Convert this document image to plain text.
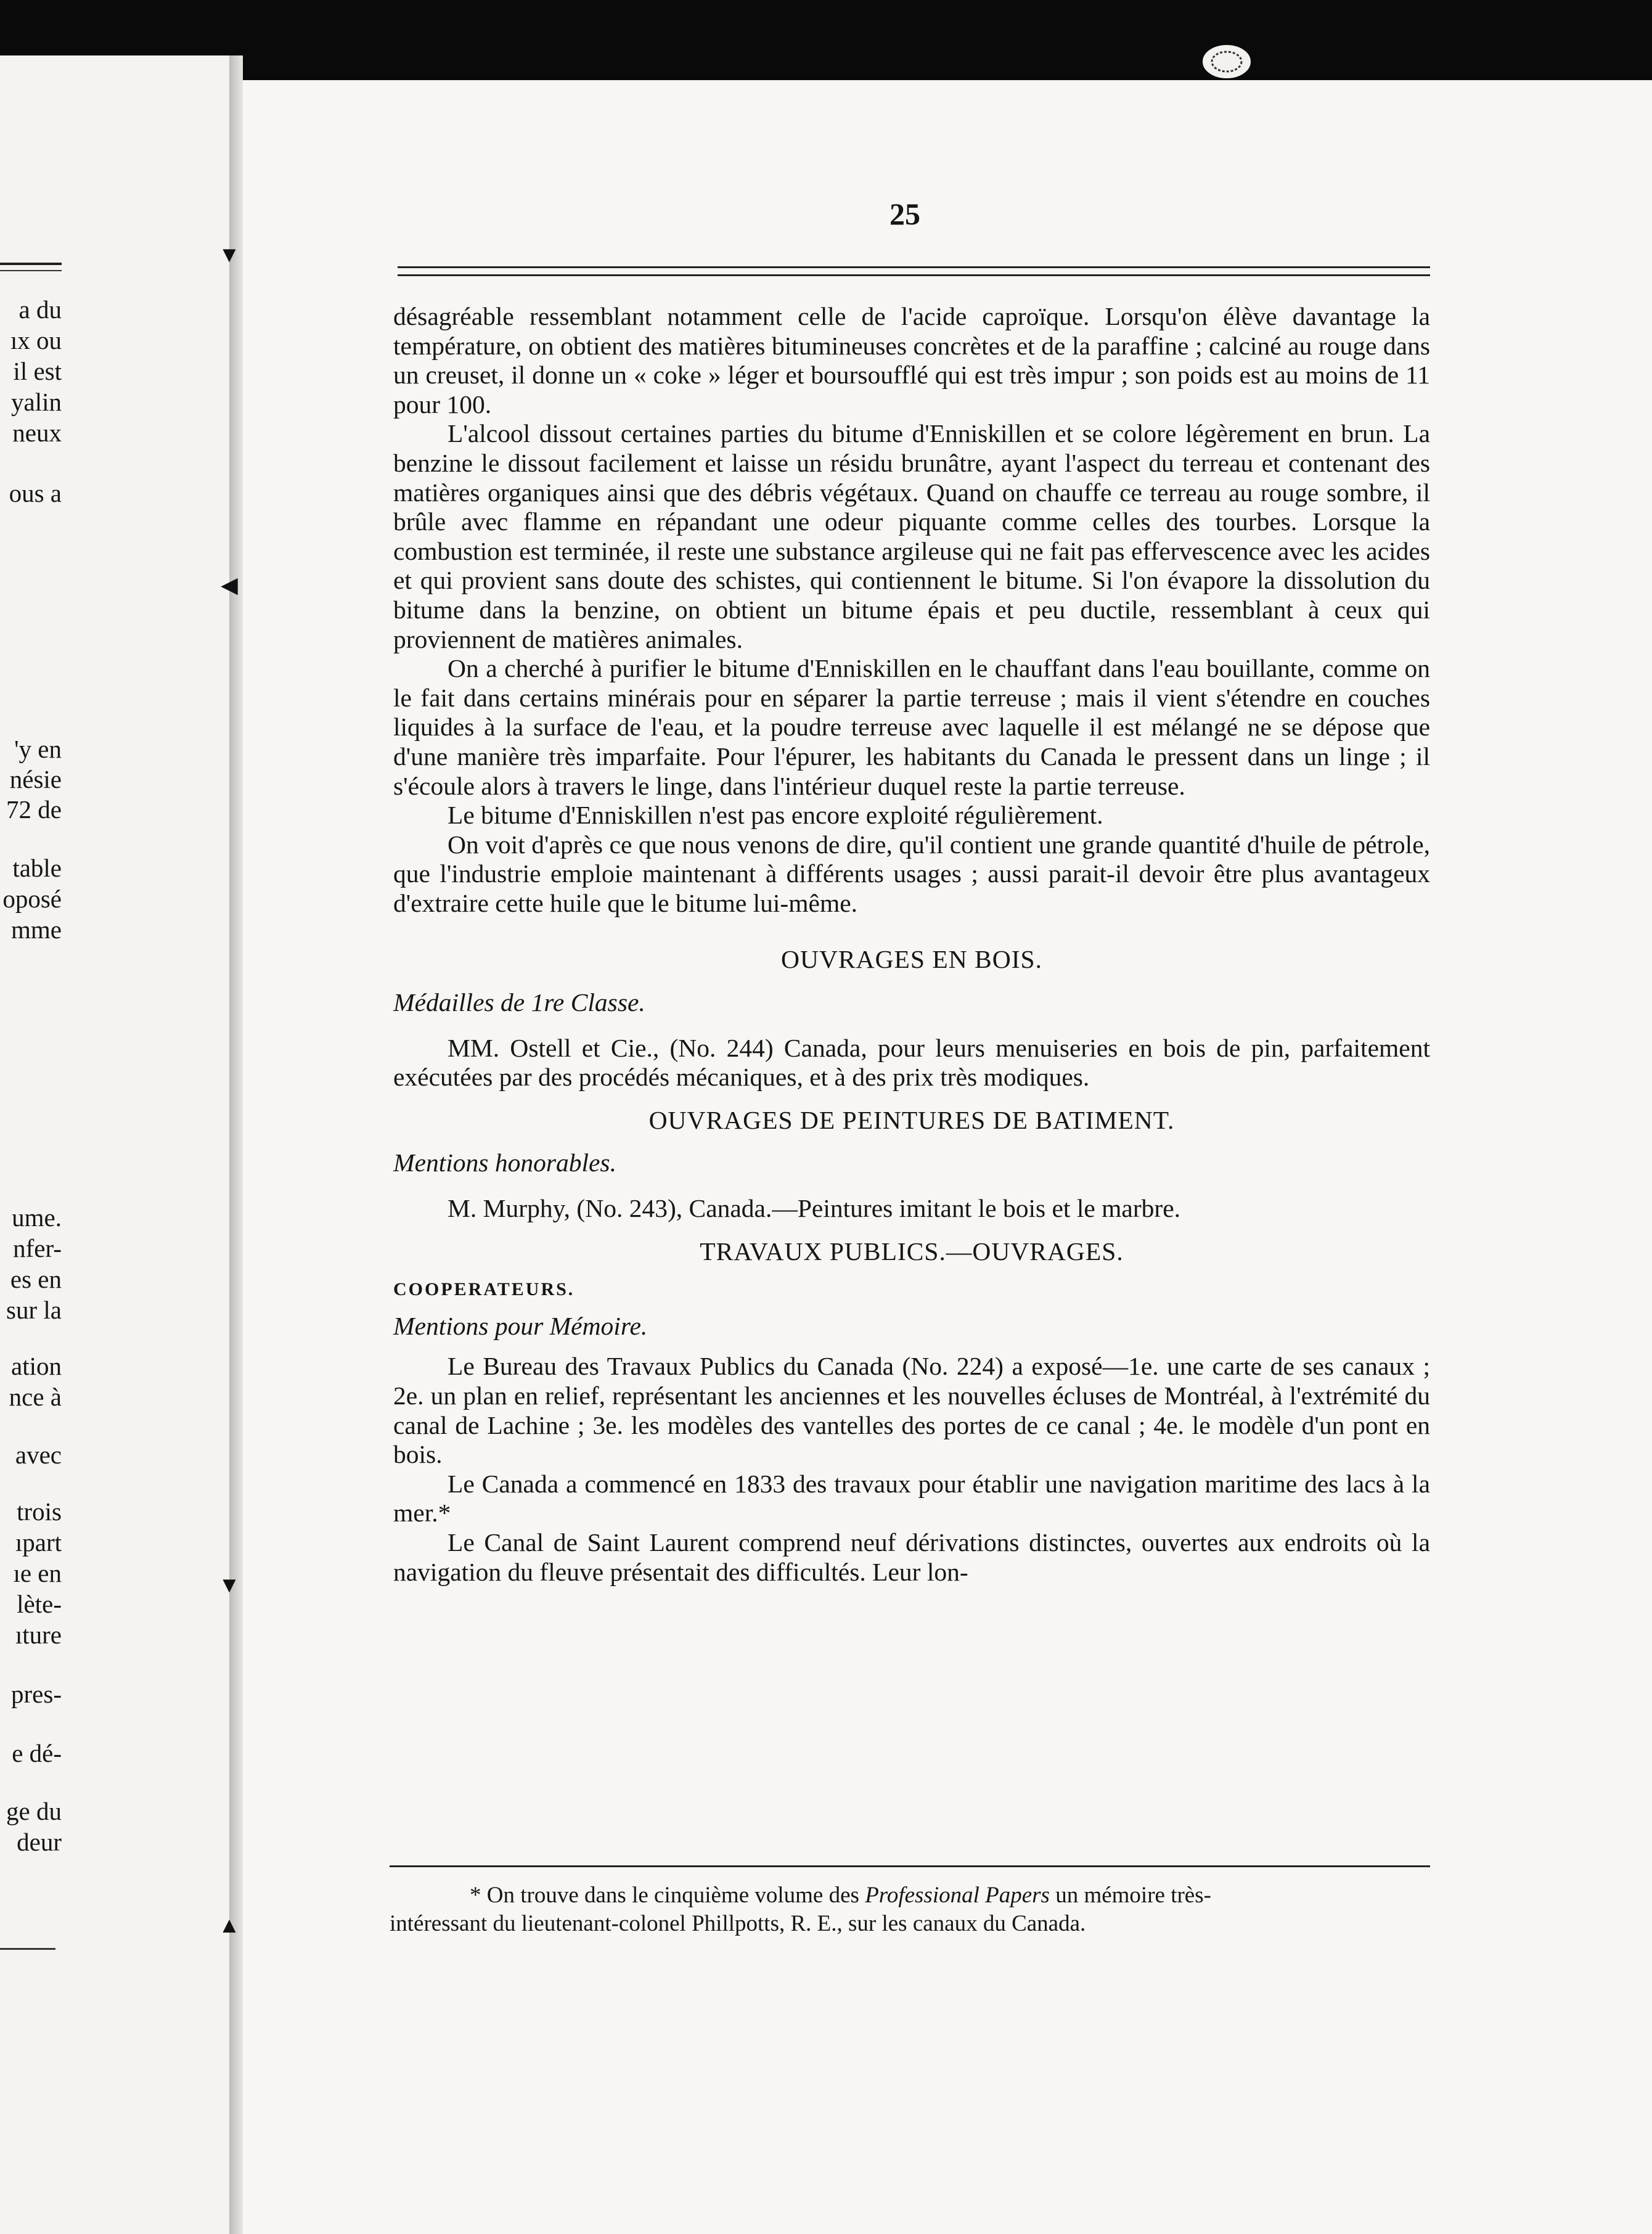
a du
ıx ou
il est
yalin
neux
ous a
'y en
nésie
72 de
table
oposé
mme
ume.
nfer-
es en
sur la
ation
nce à
avec
trois
ıpart
ıe en
lète-
ıture
pres-
e dé-
ge du
deur
▼
◀
▼
▲
25

désagréable ressemblant notamment celle de l'acide caproïque. Lorsqu'on élève davantage la température, on obtient des matières bitumineuses concrètes et de la paraffine ; calciné au rouge dans un creuset, il donne un « coke » léger et boursoufflé qui est très impur ; son poids est au moins de 11 pour 100.

L'alcool dissout certaines parties du bitume d'Enniskillen et se colore légèrement en brun. La benzine le dissout facilement et laisse un résidu brunâtre, ayant l'aspect du terreau et contenant des matières organiques ainsi que des débris végétaux. Quand on chauffe ce terreau au rouge sombre, il brûle avec flamme en répandant une odeur piquante comme celles des tourbes. Lorsque la combustion est terminée, il reste une substance argileuse qui ne fait pas effervescence avec les acides et qui provient sans doute des schistes, qui contiennent le bitume. Si l'on évapore la dissolution du bitume dans la benzine, on obtient un bitume épais et peu ductile, ressemblant à ceux qui proviennent de matières animales.

On a cherché à purifier le bitume d'Enniskillen en le chauffant dans l'eau bouillante, comme on le fait dans certains minérais pour en séparer la partie terreuse ; mais il vient s'étendre en couches liquides à la surface de l'eau, et la poudre terreuse avec laquelle il est mélangé ne se dépose que d'une manière très imparfaite. Pour l'épurer, les habitants du Canada le pressent dans un linge ; il s'écoule alors à travers le linge, dans l'intérieur duquel reste la partie terreuse.

Le bitume d'Enniskillen n'est pas encore exploité régulièrement.

On voit d'après ce que nous venons de dire, qu'il contient une grande quantité d'huile de pétrole, que l'industrie emploie maintenant à différents usages ; aussi parait-il devoir être plus avantageux d'extraire cette huile que le bitume lui-même.

OUVRAGES EN BOIS.

Médailles de 1re Classe.

MM. Ostell et Cie., (No. 244) Canada, pour leurs menuiseries en bois de pin, parfaitement exécutées par des procédés mécaniques, et à des prix très modiques.

OUVRAGES DE PEINTURES DE BATIMENT.

Mentions honorables.

M. Murphy, (No. 243), Canada.—Peintures imitant le bois et le marbre.

TRAVAUX PUBLICS.—OUVRAGES.

COOPERATEURS.

Mentions pour Mémoire.

Le Bureau des Travaux Publics du Canada (No. 224) a exposé—1e. une carte de ses canaux ; 2e. un plan en relief, représentant les anciennes et les nouvelles écluses de Montréal, à l'extrémité du canal de Lachine ; 3e. les modèles des vantelles des portes de ce canal ; 4e. le modèle d'un pont en bois.

Le Canada a commencé en 1833 des travaux pour établir une navigation maritime des lacs à la mer.*

Le Canal de Saint Laurent comprend neuf dérivations distinctes, ouvertes aux endroits où la navigation du fleuve présentait des difficultés. Leur lon-

* On trouve dans le cinquième volume des Professional Papers un mémoire très-
intéressant du lieutenant-colonel Phillpotts, R. E., sur les canaux du Canada.
